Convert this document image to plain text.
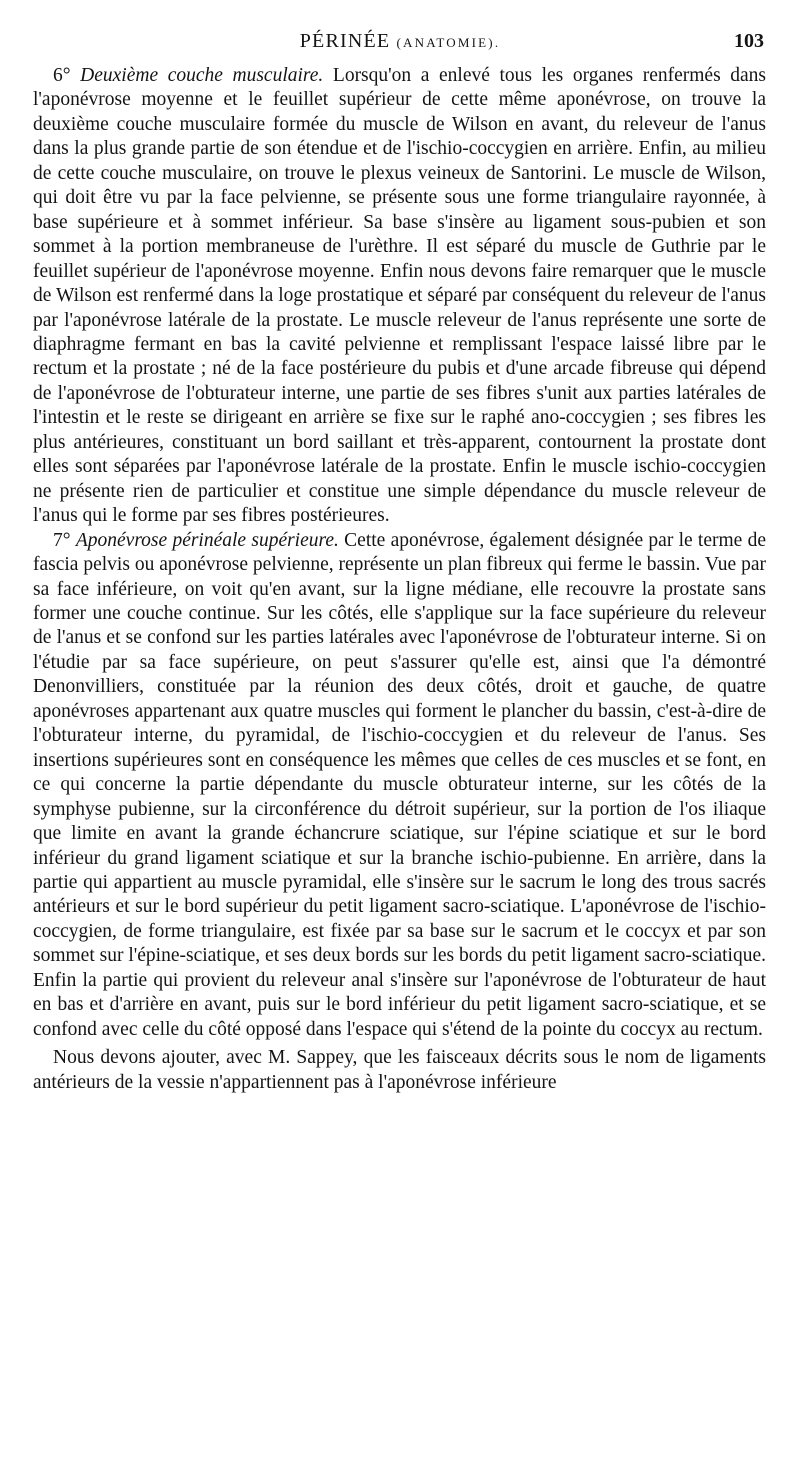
PÉRINÉE (ANATOMIE).	103

6° Deuxième couche musculaire. Lorsqu'on a enlevé tous les organes renfermés dans l'aponévrose moyenne et le feuillet supérieur de cette même aponévrose, on trouve la deuxième couche musculaire formée du muscle de Wilson en avant, du releveur de l'anus dans la plus grande partie de son étendue et de l'ischio-coccygien en arrière. Enfin, au milieu de cette couche musculaire, on trouve le plexus veineux de Santorini. Le muscle de Wilson, qui doit être vu par la face pelvienne, se présente sous une forme triangulaire rayonnée, à base supérieure et à sommet inférieur. Sa base s'insère au ligament sous-pubien et son sommet à la portion membraneuse de l'urèthre. Il est séparé du muscle de Guthrie par le feuillet supérieur de l'aponévrose moyenne. Enfin nous devons faire remarquer que le muscle de Wilson est renfermé dans la loge prostatique et séparé par conséquent du releveur de l'anus par l'aponévrose latérale de la prostate. Le muscle releveur de l'anus représente une sorte de diaphragme fermant en bas la cavité pelvienne et remplissant l'espace laissé libre par le rectum et la prostate ; né de la face postérieure du pubis et d'une arcade fibreuse qui dépend de l'aponévrose de l'obturateur interne, une partie de ses fibres s'unit aux parties latérales de l'intestin et le reste se dirigeant en arrière se fixe sur le raphé ano-coccygien ; ses fibres les plus antérieures, constituant un bord saillant et très-apparent, contournent la prostate dont elles sont séparées par l'aponévrose latérale de la prostate. Enfin le muscle ischio-coccygien ne présente rien de particulier et constitue une simple dépendance du muscle releveur de l'anus qui le forme par ses fibres postérieures.

7° Aponévrose périnéale supérieure. Cette aponévrose, également désignée par le terme de fascia pelvis ou aponévrose pelvienne, représente un plan fibreux qui ferme le bassin. Vue par sa face inférieure, on voit qu'en avant, sur la ligne médiane, elle recouvre la prostate sans former une couche continue. Sur les côtés, elle s'applique sur la face supérieure du releveur de l'anus et se confond sur les parties latérales avec l'aponévrose de l'obturateur interne. Si on l'étudie par sa face supérieure, on peut s'assurer qu'elle est, ainsi que l'a démontré Denonvilliers, constituée par la réunion des deux côtés, droit et gauche, de quatre aponévroses appartenant aux quatre muscles qui forment le plancher du bassin, c'est-à-dire de l'obturateur interne, du pyramidal, de l'ischio-coccygien et du releveur de l'anus. Ses insertions supérieures sont en conséquence les mêmes que celles de ces muscles et se font, en ce qui concerne la partie dépendante du muscle obturateur interne, sur les côtés de la symphyse pubienne, sur la circonférence du détroit supérieur, sur la portion de l'os iliaque que limite en avant la grande échancrure sciatique, sur l'épine sciatique et sur le bord inférieur du grand ligament sciatique et sur la branche ischio-pubienne. En arrière, dans la partie qui appartient au muscle pyramidal, elle s'insère sur le sacrum le long des trous sacrés antérieurs et sur le bord supérieur du petit ligament sacro-sciatique. L'aponévrose de l'ischio-coccygien, de forme triangulaire, est fixée par sa base sur le sacrum et le coccyx et par son sommet sur l'épine-sciatique, et ses deux bords sur les bords du petit ligament sacro-sciatique. Enfin la partie qui provient du releveur anal s'insère sur l'aponévrose de l'obturateur de haut en bas et d'arrière en avant, puis sur le bord inférieur du petit ligament sacro-sciatique, et se confond avec celle du côté opposé dans l'espace qui s'étend de la pointe du coccyx au rectum.

Nous devons ajouter, avec M. Sappey, que les faisceaux décrits sous le nom de ligaments antérieurs de la vessie n'appartiennent pas à l'aponévrose inférieure
